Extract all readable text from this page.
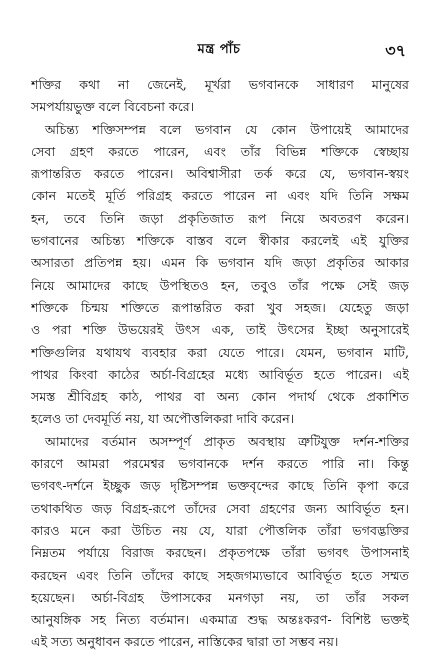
মন্ত্র পাঁচ	৩৭
শক্তির কথা না জেনেই, মূর্খরা ভগবানকে সাধারণ মানুষের
সমপর্যায়ভুক্ত বলে বিবেচনা করে।
অচিন্ত্য শক্তিসম্পন্ন বলে ভগবান যে কোন উপায়েই আমাদের
সেবা গ্রহণ করতে পারেন, এবং তাঁর বিভিন্ন শক্তিকে স্বেচ্ছায়
রূপান্তরিত করতে পারেন। অবিশ্বাসীরা তর্ক করে যে, ভগবান-স্বয়ং
কোন মতেই মূর্তি পরিগ্রহ করতে পারেন না এবং যদি তিনি সক্ষম
হন, তবে তিনি জড়া প্রকৃতিজাত রূপ নিয়ে অবতরণ করেন।
ভগবানের অচিন্ত্য শক্তিকে বাস্তব বলে স্বীকার করলেই এই যুক্তির
অসারতা প্রতিপন্ন হয়। এমন কি ভগবান যদি জড়া প্রকৃতির আকার
নিয়ে আমাদের কাছে উপস্থিতও হন, তবুও তাঁর পক্ষে সেই জড়
শক্তিকে চিন্ময় শক্তিতে রূপান্তরিত করা খুব সহজ। যেহেতু জড়া
ও পরা শক্তি উভয়েরই উৎস এক, তাই উৎসের ইচ্ছা অনুসারেই
শক্তিগুলির যথাযথ ব্যবহার করা যেতে পারে। যেমন, ভগবান মাটি,
পাথর কিংবা কাঠের অর্চা-বিগ্রহের মধ্যে আবির্ভূত হতে পারেন। এই
সমস্ত শ্রীবিগ্রহ কাঠ, পাথর বা অন্য কোন পদার্থ থেকে প্রকাশিত
হলেও তা দেবমূর্তি নয়, যা অপৌত্তলিকরা দাবি করেন।
আমাদের বর্তমান অসম্পূর্ণ প্রাকৃত অবস্থায় ত্রুটিযুক্ত দর্শন-শক্তির
কারণে আমরা পরমেশ্বর ভগবানকে দর্শন করতে পারি না। কিন্তু
ভগবৎ-দর্শনে ইচ্ছুক জড় দৃষ্টিসম্পন্ন ভক্তবৃন্দের কাছে তিনি কৃপা করে
তথাকথিত জড় বিগ্রহ-রূপে তাঁদের সেবা গ্রহণের জন্য আবির্ভূত হন।
কারও মনে করা উচিত নয় যে, যারা পৌত্তলিক তাঁরা ভগবদ্ভক্তির
নিম্নতম পর্যায়ে বিরাজ করছেন। প্রকৃতপক্ষে তাঁরা ভগবৎ উপাসনাই
করছেন এবং তিনি তাঁদের কাছে সহজগম্যভাবে আবির্ভূত হতে সম্মত
হয়েছেন। অর্চা-বিগ্রহ উপাসকের মনগড়া নয়, তা তাঁর সকল
আনুষঙ্গিক সহ নিত্য বর্তমান। একমাত্র শুদ্ধ অন্তঃকরণ- বিশিষ্ট ভক্তই
এই সত্য অনুধাবন করতে পারেন, নাস্তিকের দ্বারা তা সম্ভব নয়।
